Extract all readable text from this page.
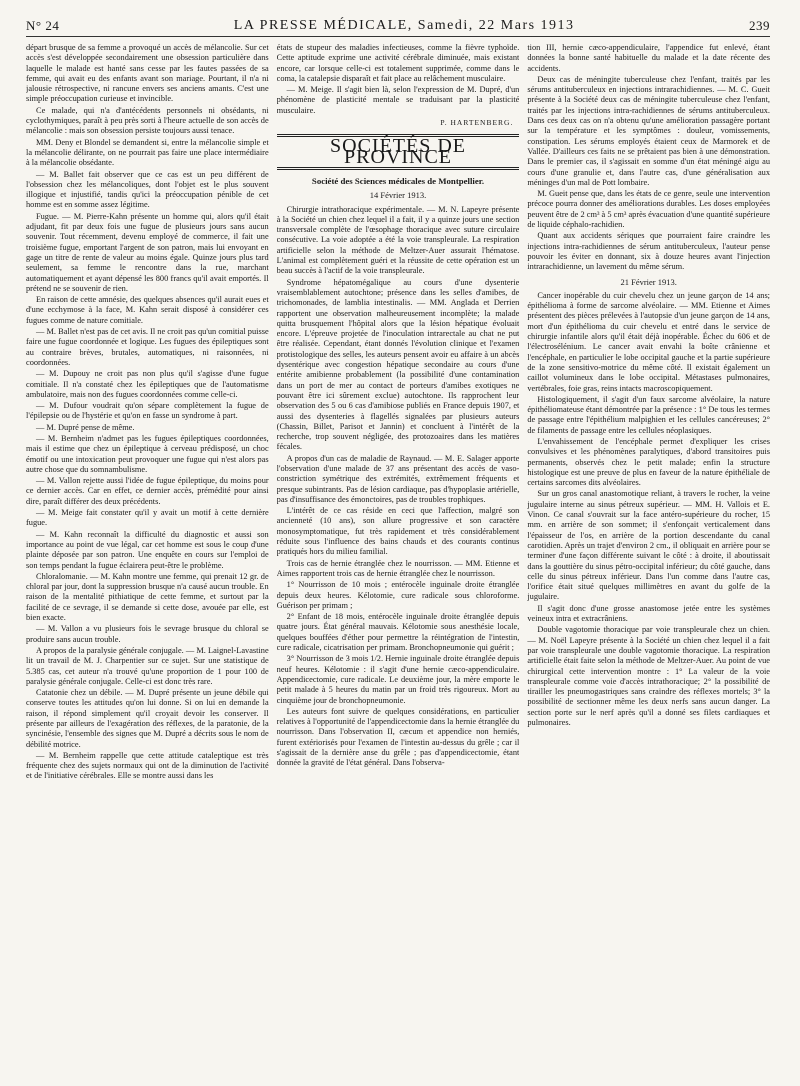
N° 24	LA PRESSE MÉDICALE, Samedi, 22 Mars 1913	239

départ brusque de sa femme a provoqué un accès de mélancolie. Sur cet accès s'est développée secondairement une obsession particulière dans laquelle le malade est hanté sans cesse par les fautes passées de sa femme, qui avait eu des enfants avant son mariage. Pourtant, il n'a ni jalousie rétrospective, ni rancune envers ses anciens amants. C'est une simple préoccupation curieuse et invincible.

Ce malade, qui n'a d'antécédents personnels ni obsédants, ni cyclothymiques, paraît à peu près sorti à l'heure actuelle de son accès de mélancolie : mais son obsession persiste toujours aussi tenace.

MM. Deny et Blondel se demandent si, entre la mélancolie simple et la mélancolie délirante, on ne pourrait pas faire une place intermédiaire à la mélancolie obsédante.

— M. Ballet fait observer que ce cas est un peu différent de l'obsession chez les mélancoliques, dont l'objet est le plus souvent illogique et injustifié, tandis qu'ici la préoccupation pénible de cet homme est en somme assez légitime.

Fugue. — M. Pierre-Kahn présente un homme qui, alors qu'il était adjudant, fit par deux fois une fugue de plusieurs jours sans aucun souvenir. Tout récemment, devenu employé de commerce, il fait une troisième fugue, emportant l'argent de son patron, mais lui envoyant en gage un titre de rente de valeur au moins égale. Quinze jours plus tard seulement, sa femme le rencontre dans la rue, marchant automatiquement et ayant dépensé les 800 francs qu'il avait emportés. Il prétend ne se souvenir de rien.

En raison de cette amnésie, des quelques absences qu'il aurait eues et d'une ecchymose à la face, M. Kahn serait disposé à considérer ces fugues comme de nature comitiale.

— M. Ballet n'est pas de cet avis. Il ne croit pas qu'un comitial puisse faire une fugue coordonnée et logique. Les fugues des épileptiques sont au contraire brèves, brutales, automatiques, ni raisonnées, ni coordonnées.

— M. Dupouy ne croit pas non plus qu'il s'agisse d'une fugue comitiale. Il n'a constaté chez les épileptiques que de l'automatisme ambulatoire, mais non des fugues coordonnées comme celle-ci.

— M. Dufour voudrait qu'on sépare complètement la fugue de l'épilepsie ou de l'hystérie et qu'on en fasse un syndrome à part.

— M. Dupré pense de même.

— M. Bernheim n'admet pas les fugues épileptiques coordonnées, mais il estime que chez un épileptique à cerveau prédisposé, un choc émotif ou une intoxication peut provoquer une fugue qui n'est alors pas autre chose que du somnambulisme.

— M. Vallon rejette aussi l'idée de fugue épileptique, du moins pour ce dernier accès. Car en effet, ce dernier accès, prémédité pour ainsi dire, paraît différer des deux précédents.

— M. Meige fait constater qu'il y avait un motif à cette dernière fugue.

— M. Kahn reconnaît la difficulté du diagnostic et aussi son importance au point de vue légal, car cet homme est sous le coup d'une plainte déposée par son patron. Une enquête en cours sur l'emploi de son temps pendant la fugue éclairera peut-être le problème.

Chloralomanie. — M. Kahn montre une femme, qui prenait 12 gr. de chloral par jour, dont la suppression brusque n'a causé aucun trouble. En raison de la mentalité pithiatique de cette femme, et surtout par la facilité de ce sevrage, il se demande si cette dose, avouée par elle, est bien exacte.

— M. Vallon a vu plusieurs fois le sevrage brusque du chloral se produire sans aucun trouble.

A propos de la paralysie générale conjugale. — M. Laignel-Lavastine lit un travail de M. J. Charpentier sur ce sujet. Sur une statistique de 5.385 cas, cet auteur n'a trouvé qu'une proportion de 1 pour 100 de paralysie générale conjugale. Celle-ci est donc très rare.

Catatonie chez un débile. — M. Dupré présente un jeune débile qui conserve toutes les attitudes qu'on lui donne. Si on lui en demande la raison, il répond simplement qu'il croyait devoir les conserver. Il présente par ailleurs de l'exagération des réflexes, de la paratonie, de la syncinésie, l'ensemble des signes que M. Dupré a décrits sous le nom de débilité motrice.

— M. Bernheim rappelle que cette attitude cataleptique est très fréquente chez des sujets normaux qui ont de la diminution de l'activité et de l'initiative cérébrales. Elle se montre aussi dans les

états de stupeur des maladies infectieuses, comme la fièvre typhoïde. Cette aptitude exprime une activité cérébrale diminuée, mais existant encore, car lorsque celle-ci est totalement supprimée, comme dans le coma, la catalepsie disparaît et fait place au relâchement musculaire.

— M. Meige. Il s'agit bien là, selon l'expression de M. Dupré, d'un phénomène de plasticité mentale se traduisant par la plasticité musculaire.

P. HARTENBERG.
SOCIÉTÉS DE PROVINCE
Société des Sciences médicales de Montpellier.
14 Février 1913.

Chirurgie intrathoracique expérimentale. — M. N. Lapeyre présente à la Société un chien chez lequel il a fait, il y a quinze jours une section transversale complète de l'œsophage thoracique avec suture circulaire consécutive. La voie adoptée a été la voie transpleurale. La respiration artificielle selon la méthode de Meltzer-Auer assurait l'hématose. L'animal est complètement guéri et la réussite de cette opération est un beau succès à l'actif de la voie transpleurale.

Syndrome hépatomégalique au cours d'une dysenterie vraisemblablement autochtone; présence dans les selles d'amibes, de trichomonades, de lamblia intestinalis. — MM. Anglada et Derrien rapportent une observation malheureusement incomplète; la malade quitta brusquement l'hôpital alors que la lésion hépatique évoluait encore. L'épreuve projetée de l'inoculation intrarectale au chat ne put être réalisée. Cependant, étant donnés l'évolution clinique et l'examen protistologique des selles, les auteurs pensent avoir eu affaire à un abcès dysentérique avec congestion hépatique secondaire au cours d'une entérite amibienne probablement (la possibilité d'une contamination dans un port de mer au contact de porteurs d'amibes exotiques ne pouvant être ici sûrement exclue) autochtone. Ils rapprochent leur observation des 5 ou 6 cas d'amibiose publiés en France depuis 1907, et aussi des dysenteries à flagellés signalées par plusieurs auteurs (Chassin, Billet, Parisot et Jannin) et concluent à l'intérêt de la recherche, trop souvent négligée, des protozoaires dans les matières fécales.

A propos d'un cas de maladie de Raynaud. — M. E. Salager apporte l'observation d'une malade de 37 ans présentant des accès de vaso-constriction symétrique des extrémités, extrêmement fréquents et presque subintrants. Pas de lésion cardiaque, pas d'hypoplasie artérielle, pas d'insuffisance des émonctoires, pas de troubles trophiques.

L'intérêt de ce cas réside en ceci que l'affection, malgré son ancienneté (10 ans), son allure progressive et son caractère monosymptomatique, fut très rapidement et très considérablement réduite sous l'influence des bains chauds et des courants continus pratiqués hors du milieu familial.

Trois cas de hernie étranglée chez le nourrisson. — MM. Etienne et Aimes rapportent trois cas de hernie étranglée chez le nourrisson.

1° Nourrisson de 10 mois ; entérocèle inguinale droite étranglée depuis deux heures. Kélotomie, cure radicale sous chloroforme. Guérison per primam ;

2° Enfant de 18 mois, entérocèle inguinale droite étranglée depuis quatre jours. État général mauvais. Kélotomie sous anesthésie locale, quelques bouffées d'éther pour permettre la réintégration de l'intestin, cure radicale, cicatrisation per primam. Bronchopneumonie qui guérit ;

3° Nourrisson de 3 mois 1/2. Hernie inguinale droite étranglée depuis neuf heures. Kélotomie : il s'agit d'une hernie cæco-appendiculaire. Appendicectomie, cure radicale. Le deuxième jour, la mère emporte le petit malade à 5 heures du matin par un froid très rigoureux. Mort au cinquième jour de bronchopneumonie.

Les auteurs font suivre de quelques considérations, en particulier relatives à l'opportunité de l'appendicectomie dans la hernie étranglée du nourrisson. Dans l'observation II, cæcum et appendice non herniés, furent extériorisés pour l'examen de l'intestin au-dessus du grêle ; car il s'agissait de la dernière anse du grêle ; pas d'appendicectomie, étant donnée la gravité de l'état général. Dans l'observa-

tion III, hernie cæco-appendiculaire, l'appendice fut enlevé, étant données la bonne santé habituelle du malade et la date récente des accidents.

Deux cas de méningite tuberculeuse chez l'enfant, traités par les sérums antituberculeux en injections intrarachidiennes. — M. C. Gueit présente à la Société deux cas de méningite tuberculeuse chez l'enfant, traités par les injections intra-rachidiennes de sérums antituberculeux. Dans ces deux cas on n'a obtenu qu'une amélioration passagère portant sur la température et les symptômes : douleur, vomissements, constipation. Les sérums employés étaient ceux de Marmorek et de Vallée. D'ailleurs ces faits ne se prêtaient pas bien à une démonstration. Dans le premier cas, il s'agissait en somme d'un état méningé aigu au cours d'une granulie et, dans l'autre cas, d'une généralisation aux méninges d'un mal de Pott lombaire.

M. Gueit pense que, dans les états de ce genre, seule une intervention précoce pourra donner des améliorations durables. Les doses employées peuvent être de 2 cm³ à 5 cm³ après évacuation d'une quantité supérieure de liquide céphalo-rachidien.

Quant aux accidents sériques que pourraient faire craindre les injections intra-rachidiennes de sérum antituberculeux, l'auteur pense pouvoir les éviter en donnant, six à douze heures avant l'injection intrarachidienne, un lavement du même sérum.

21 Février 1913.

Cancer inopérable du cuir chevelu chez un jeune garçon de 14 ans; épithélioma à forme de sarcome alvéolaire. — MM. Etienne et Aimes présentent des pièces prélevées à l'autopsie d'un jeune garçon de 14 ans, mort d'un épithélioma du cuir chevelu et entré dans le service de chirurgie infantile alors qu'il était déjà inopérable. Échec du 606 et de l'électrosélénium. Le cancer avait envahi la boîte crânienne et l'encéphale, en particulier le lobe occipital gauche et la partie supérieure de la zone sensitivo-motrice du même côté. Il existait également un caillot volumineux dans le lobe occipital. Métastases pulmonaires, vertébrales, foie gras, reins intacts macroscopiquement.

Histologiquement, il s'agit d'un faux sarcome alvéolaire, la nature épithéliomateuse étant démontrée par la présence : 1° De tous les termes de passage entre l'épithélium malpighien et les cellules cancéreuses; 2° de filaments de passage entre les cellules néoplasiques.

L'envahissement de l'encéphale permet d'expliquer les crises convulsives et les phénomènes paralytiques, d'abord transitoires puis permanents, observés chez le petit malade; enfin la structure histologique est une preuve de plus en faveur de la nature épithéliale de certains sarcomes dits alvéolaires.

Sur un gros canal anastomotique reliant, à travers le rocher, la veine jugulaire interne au sinus pétreux supérieur. — MM. H. Vallois et E. Vinon. Ce canal s'ouvrait sur la face antéro-supérieure du rocher, 15 mm. en arrière de son sommet; il s'enfonçait verticalement dans l'épaisseur de l'os, en arrière de la portion descendante du canal carotidien. Après un trajet d'environ 2 cm., il obliquait en arrière pour se terminer d'une façon différente suivant le côté : à droite, il aboutissait dans la gouttière du sinus pétro-occipital inférieur; du côté gauche, dans celle du sinus pétreux inférieur. Dans l'un comme dans l'autre cas, l'orifice était situé quelques millimètres en avant du golfe de la jugulaire.

Il s'agit donc d'une grosse anastomose jetée entre les systèmes veineux intra et extracrâniens.

Double vagotomie thoracique par voie transpleurale chez un chien. — M. Noël Lapeyre présente à la Société un chien chez lequel il a fait par voie transpleurale une double vagotomie thoracique. La respiration artificielle était faite selon la méthode de Meltzer-Auer. Au point de vue chirurgical cette intervention montre : 1° La valeur de la voie transpleurale comme voie d'accès intrathoracique; 2° la possibilité de tirailler les pneumogastriques sans craindre des réflexes mortels; 3° la possibilité de sectionner même les deux nerfs sans aucun danger. La section porte sur le nerf après qu'il a donné ses filets cardiaques et pulmonaires.
